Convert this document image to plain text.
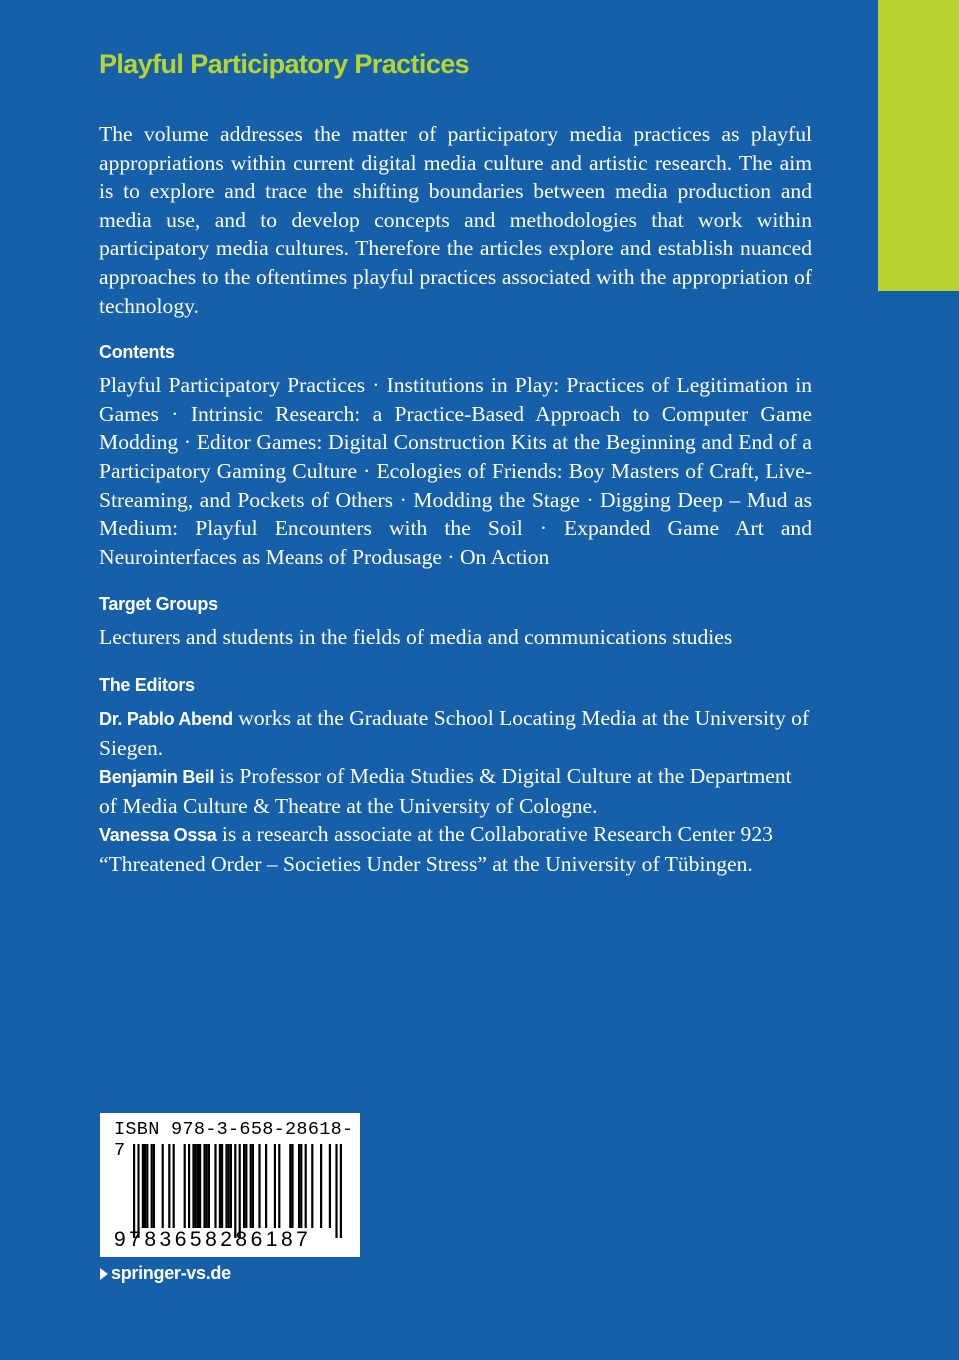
Playful Participatory Practices

The volume addresses the matter of participatory media practices as playful appropriations within current digital media culture and artistic research. The aim is to explore and trace the shifting boundaries between media production and media use, and to develop concepts and methodologies that work within participatory media cultures. Therefore the articles explore and establish nuanced approaches to the oftentimes playful practices associated with the appropriation of technology.

Contents

Playful Participatory Practices · Institutions in Play: Practices of Legitimation in Games · Intrinsic Research: a Practice-Based Approach to Computer Game Modding · Editor Games: Digital Construction Kits at the Beginning and End of a Participatory Gaming Culture · Ecologies of Friends: Boy Masters of Craft, Live-Streaming, and Pockets of Others · Modding the Stage · Digging Deep – Mud as Medium: Playful Encounters with the Soil · Expanded Game Art and Neurointerfaces as Means of Produsage · On Action

Target Groups

Lecturers and students in the fields of media and communications studies

The Editors

Dr. Pablo Abend works at the Graduate School Locating Media at the University of Siegen.

Benjamin Beil is Professor of Media Studies & Digital Culture at the Department of Media Culture & Theatre at the University of Cologne.

Vanessa Ossa is a research associate at the Collaborative Research Center 923 “Threatened Order – Societies Under Stress” at the University of Tübingen.

ISBN 978-3-658-28618-7
9783658286187
springer-vs.de
